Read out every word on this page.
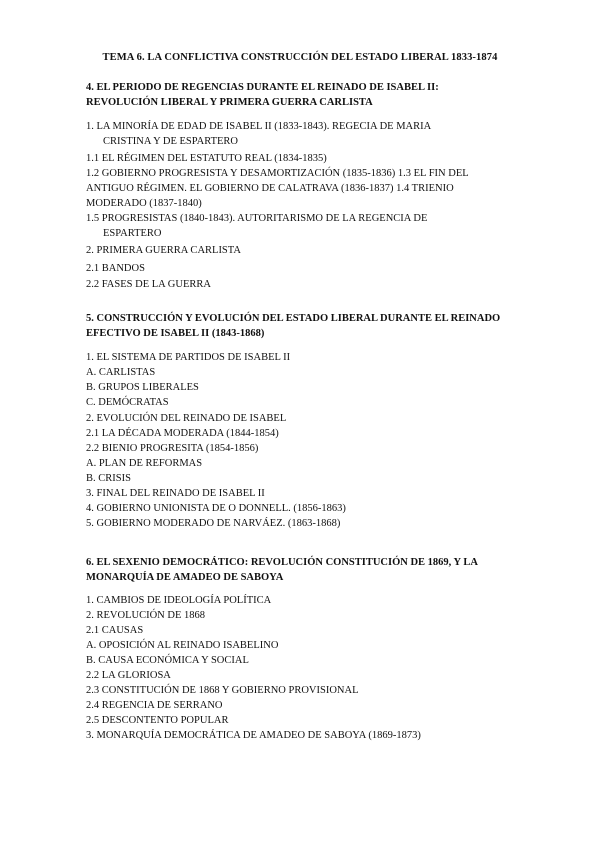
TEMA 6. LA CONFLICTIVA CONSTRUCCIÓN DEL ESTADO LIBERAL 1833-1874
4. EL PERIODO DE REGENCIAS DURANTE EL REINADO DE ISABEL II:
REVOLUCIÓN LIBERAL Y PRIMERA GUERRA CARLISTA
1. LA MINORÍA DE EDAD DE ISABEL II (1833-1843). REGECIA DE MARIA
CRISTINA Y DE ESPARTERO
1.1 EL RÉGIMEN DEL ESTATUTO REAL (1834-1835)
1.2 GOBIERNO PROGRESISTA Y DESAMORTIZACIÓN (1835-1836) 1.3 EL FIN DEL
ANTIGUO RÉGIMEN. EL GOBIERNO DE CALATRAVA (1836-1837) 1.4 TRIENIO
MODERADO (1837-1840)
1.5 PROGRESISTAS (1840-1843). AUTORITARISMO DE LA REGENCIA DE
ESPARTERO
2. PRIMERA GUERRA CARLISTA
2.1 BANDOS
2.2 FASES DE LA GUERRA
5. CONSTRUCCIÓN Y EVOLUCIÓN DEL ESTADO LIBERAL DURANTE EL REINADO
EFECTIVO DE ISABEL II (1843-1868)
1. EL SISTEMA DE PARTIDOS DE ISABEL II
A. CARLISTAS
B. GRUPOS LIBERALES
C. DEMÓCRATAS
2. EVOLUCIÓN DEL REINADO DE ISABEL
2.1 LA DÉCADA MODERADA (1844-1854)
2.2 BIENIO PROGRESITA (1854-1856)
A. PLAN DE REFORMAS
B. CRISIS
3. FINAL DEL REINADO DE ISABEL II
4. GOBIERNO UNIONISTA DE O DONNELL. (1856-1863)
5. GOBIERNO MODERADO DE NARVÁEZ. (1863-1868)
6. EL SEXENIO DEMOCRÁTICO: REVOLUCIÓN CONSTITUCIÓN DE 1869, Y LA
MONARQUÍA DE AMADEO DE SABOYA
1. CAMBIOS DE IDEOLOGÍA POLÍTICA
2. REVOLUCIÓN DE 1868
2.1 CAUSAS
A. OPOSICIÓN AL REINADO ISABELINO
B. CAUSA ECONÓMICA Y SOCIAL
2.2 LA GLORIOSA
2.3 CONSTITUCIÓN DE 1868 Y GOBIERNO PROVISIONAL
2.4 REGENCIA DE SERRANO
2.5 DESCONTENTO POPULAR
3. MONARQUÍA DEMOCRÁTICA DE AMADEO DE SABOYA (1869-1873)
